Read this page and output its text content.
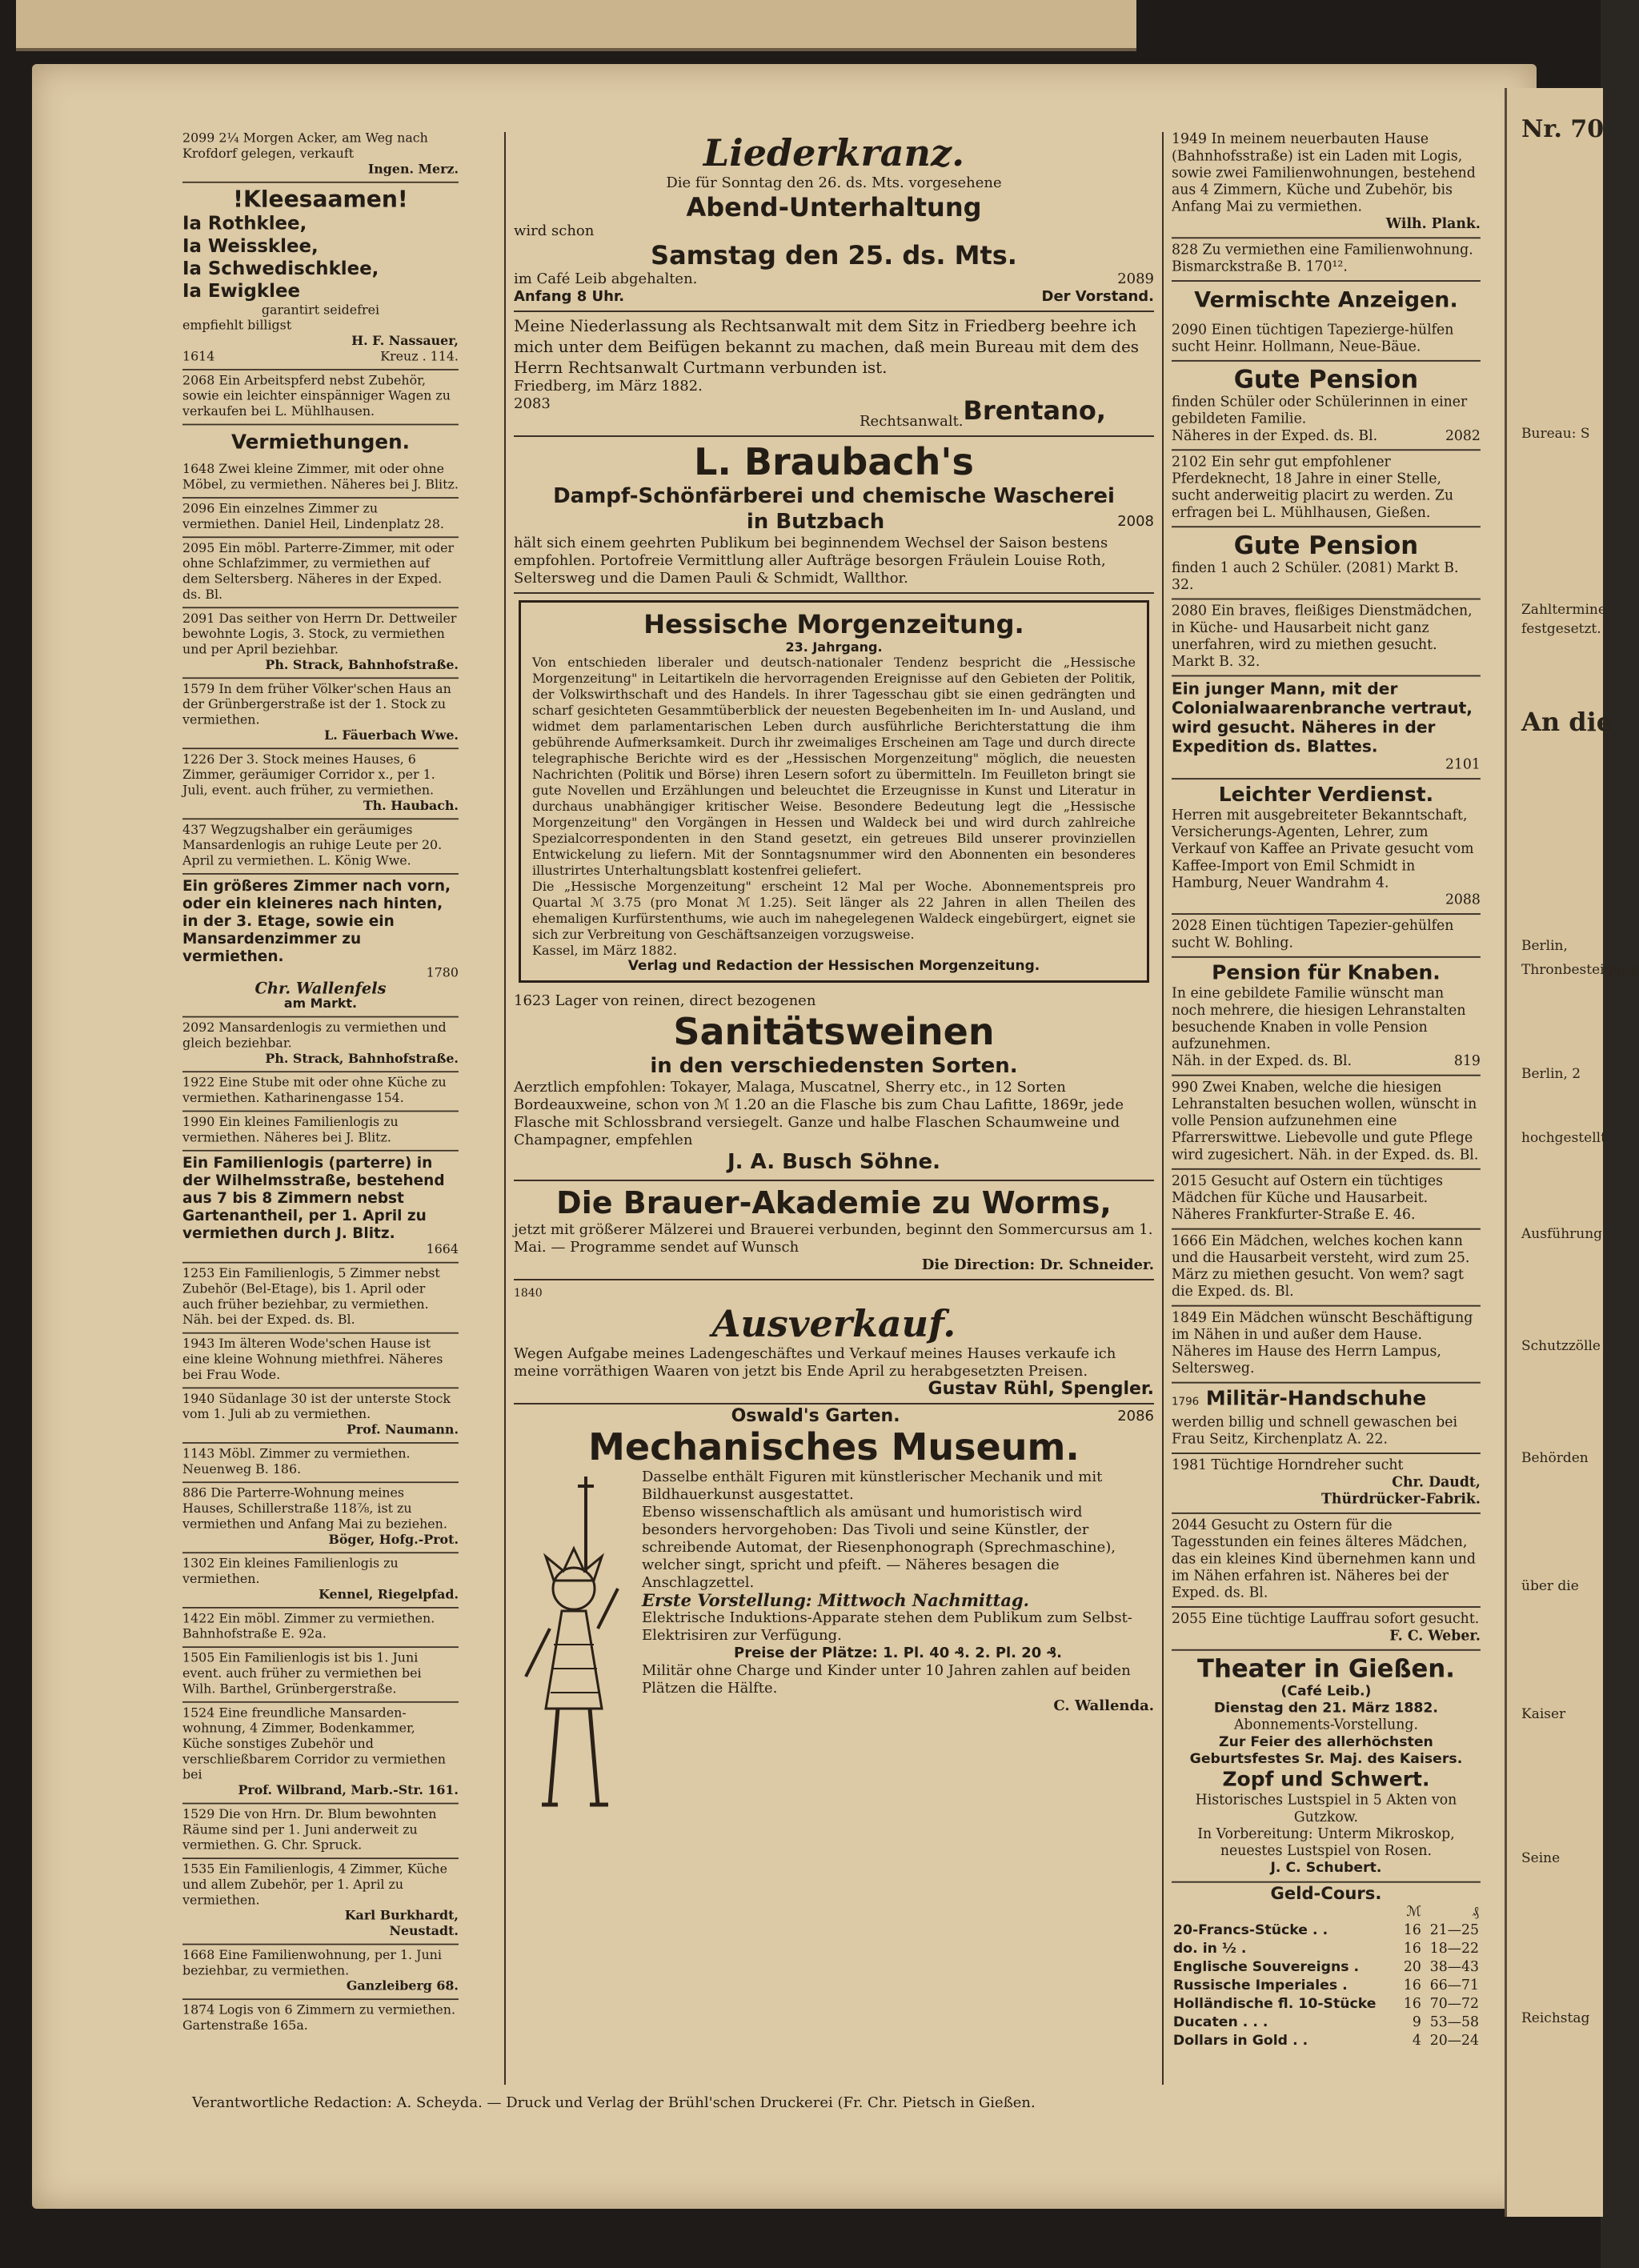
Nr. 70
Bureau: S
Zahltermine
festgesetzt.
An die
Berlin,
Thronbesteigung
Berlin, 2
hochgestellt
Ausführung
Schutzzölle
Behörden
über die
Kaiser
Seine
Reichstag
2099 2¼ Morgen Acker, am Weg nach Krofdorf gelegen, verkauft
Ingen. Merz.
!Kleesaamen!
Ia Rothklee,
Ia Weissklee,
Ia Schwedischklee,
Ia Ewigklee
garantirt seidefrei
empfiehlt billigst
H. F. Nassauer,
1614	Kreuz . 114.
2068 Ein Arbeitspferd nebst Zubehör, sowie ein leichter einspänniger Wagen zu verkaufen bei L. Mühlhausen.
Vermiethungen.
1648 Zwei kleine Zimmer, mit oder ohne Möbel, zu vermiethen. Näheres bei J. Blitz.
2096 Ein einzelnes Zimmer zu vermiethen. Daniel Heil, Lindenplatz 28.
2095 Ein möbl. Parterre-Zimmer, mit oder ohne Schlafzimmer, zu vermiethen auf dem Seltersberg. Näheres in der Exped. ds. Bl.
2091 Das seither von Herrn Dr. Dettweiler bewohnte Logis, 3. Stock, zu vermiethen und per April beziehbar.
Ph. Strack, Bahnhofstraße.
1579 In dem früher Völker'schen Haus an der Grünbergerstraße ist der 1. Stock zu vermiethen.
L. Fäuerbach Wwe.
1226 Der 3. Stock meines Hauses, 6 Zimmer, geräumiger Corridor x., per 1. Juli, event. auch früher, zu vermiethen.
Th. Haubach.
437 Wegzugshalber ein geräumiges Mansardenlogis an ruhige Leute per 20. April zu vermiethen. L. König Wwe.
Ein größeres Zimmer nach vorn, oder ein kleineres nach hinten, in der 3. Etage, sowie ein Mansardenzimmer zu vermiethen.
1780
Chr. Wallenfels
am Markt.
2092 Mansardenlogis zu vermiethen und gleich beziehbar.
Ph. Strack, Bahnhofstraße.
1922 Eine Stube mit oder ohne Küche zu vermiethen. Katharinengasse 154.
1990 Ein kleines Familienlogis zu vermiethen. Näheres bei J. Blitz.
Ein Familienlogis (parterre) in der Wilhelmsstraße, bestehend aus 7 bis 8 Zimmern nebst Gartenantheil, per 1. April zu vermiethen durch J. Blitz.
1664
1253 Ein Familienlogis, 5 Zimmer nebst Zubehör (Bel-Etage), bis 1. April oder auch früher beziehbar, zu vermiethen. Näh. bei der Exped. ds. Bl.
1943 Im älteren Wode'schen Hause ist eine kleine Wohnung miethfrei. Näheres bei Frau Wode.
1940 Südanlage 30 ist der unterste Stock vom 1. Juli ab zu vermiethen.
Prof. Naumann.
1143 Möbl. Zimmer zu vermiethen. Neuenweg B. 186.
886 Die Parterre-Wohnung meines Hauses, Schillerstraße 118⅞, ist zu vermiethen und Anfang Mai zu beziehen.
Böger, Hofg.-Prot.
1302 Ein kleines Familienlogis zu vermiethen.
Kennel, Riegelpfad.
1422 Ein möbl. Zimmer zu vermiethen. Bahnhofstraße E. 92a.
1505 Ein Familienlogis ist bis 1. Juni event. auch früher zu vermiethen bei Wilh. Barthel, Grünbergerstraße.
1524 Eine freundliche Mansarden-wohnung, 4 Zimmer, Bodenkammer, Küche sonstiges Zubehör und verschließbarem Corridor zu vermiethen bei
Prof. Wilbrand, Marb.-Str. 161.
1529 Die von Hrn. Dr. Blum bewohnten Räume sind per 1. Juni anderweit zu vermiethen. G. Chr. Spruck.
1535 Ein Familienlogis, 4 Zimmer, Küche und allem Zubehör, per 1. April zu vermiethen.
Karl Burkhardt,
Neustadt.
1668 Eine Familienwohnung, per 1. Juni beziehbar, zu vermiethen.
Ganzleiberg 68.
1874 Logis von 6 Zimmern zu vermiethen. Gartenstraße 165a.
Liederkranz.
Die für Sonntag den 26. ds. Mts. vorgesehene
Abend-Unterhaltung
wird schon
Samstag den 25. ds. Mts.
im Café Leib abgehalten.	2089
Anfang 8 Uhr.	Der Vorstand.
Meine Niederlassung als Rechtsanwalt mit dem Sitz in Friedberg beehre ich mich unter dem Beifügen bekannt zu machen, daß mein Bureau mit dem des Herrn Rechtsanwalt Curtmann verbunden ist.
Friedberg, im März 1882.
2083	Brentano,
Rechtsanwalt.
L. Braubach's
Dampf-Schönfärberei und chemische Wascherei
in Butzbach	2008
hält sich einem geehrten Publikum bei beginnendem Wechsel der Saison bestens empfohlen. Portofreie Vermittlung aller Aufträge besorgen Fräulein Louise Roth, Seltersweg und die Damen Pauli & Schmidt, Wallthor.
Hessische Morgenzeitung.
23. Jahrgang.
Von entschieden liberaler und deutsch-nationaler Tendenz bespricht die „Hessische Morgenzeitung" in Leitartikeln die hervorragenden Ereignisse auf den Gebieten der Politik, der Volkswirthschaft und des Handels. In ihrer Tagesschau gibt sie einen gedrängten und scharf gesichteten Gesammtüberblick der neuesten Begebenheiten im In- und Ausland, und widmet dem parlamentarischen Leben durch ausführliche Berichterstattung die ihm gebührende Aufmerksamkeit. Durch ihr zweimaliges Erscheinen am Tage und durch directe telegraphische Berichte wird es der „Hessischen Morgenzeitung" möglich, die neuesten Nachrichten (Politik und Börse) ihren Lesern sofort zu übermitteln. Im Feuilleton bringt sie gute Novellen und Erzählungen und beleuchtet die Erzeugnisse in Kunst und Literatur in durchaus unabhängiger kritischer Weise. Besondere Bedeutung legt die „Hessische Morgenzeitung" den Vorgängen in Hessen und Waldeck bei und wird durch zahlreiche Spezialcorrespondenten in den Stand gesetzt, ein getreues Bild unserer provinziellen Entwickelung zu liefern. Mit der Sonntagsnummer wird den Abonnenten ein besonderes illustrirtes Unterhaltungsblatt kostenfrei geliefert.
Die „Hessische Morgenzeitung" erscheint 12 Mal per Woche. Abonnementspreis pro Quartal ℳ 3.75 (pro Monat ℳ 1.25). Seit länger als 22 Jahren in allen Theilen des ehemaligen Kurfürstenthums, wie auch im nahegelegenen Waldeck eingebürgert, eignet sie sich zur Verbreitung von Geschäftsanzeigen vorzugsweise.
Kassel, im März 1882.
Verlag und Redaction der Hessischen Morgenzeitung.
1623 Lager von reinen, direct bezogenen
Sanitätsweinen
in den verschiedensten Sorten.
Aerztlich empfohlen: Tokayer, Malaga, Muscatnel, Sherry etc., in 12 Sorten Bordeauxweine, schon von ℳ 1.20 an die Flasche bis zum Chau Lafitte, 1869r, jede Flasche mit Schlossbrand versiegelt. Ganze und halbe Flaschen Schaumweine und Champagner, empfehlen
J. A. Busch Söhne.
Die Brauer-Akademie zu Worms,
jetzt mit größerer Mälzerei und Brauerei verbunden, beginnt den Sommercursus am 1. Mai. — Programme sendet auf Wunsch
Die Direction: Dr. Schneider.
1840
Ausverkauf.
Wegen Aufgabe meines Ladengeschäftes und Verkauf meines Hauses verkaufe ich meine vorräthigen Waaren von jetzt bis Ende April zu herabgesetzten Preisen.
Gustav Rühl, Spengler.
Oswald's Garten.	2086
Mechanisches Museum.
Dasselbe enthält Figuren mit künstlerischer Mechanik und mit Bildhauerkunst ausgestattet.
Ebenso wissenschaftlich als amüsant und humoristisch wird besonders hervorgehoben: Das Tivoli und seine Künstler, der schreibende Automat, der Riesenphonograph (Sprechmaschine), welcher singt, spricht und pfeift. — Näheres besagen die Anschlagzettel.
Erste Vorstellung: Mittwoch Nachmittag.
Elektrische Induktions-Apparate stehen dem Publikum zum Selbst-Elektrisiren zur Verfügung.
Preise der Plätze: 1. Pl. 40 ₰. 2. Pl. 20 ₰.
Militär ohne Charge und Kinder unter 10 Jahren zahlen auf beiden Plätzen die Hälfte.
C. Wallenda.
1949 In meinem neuerbauten Hause (Bahnhofsstraße) ist ein Laden mit Logis, sowie zwei Familienwohnungen, bestehend aus 4 Zimmern, Küche und Zubehör, bis Anfang Mai zu vermiethen.
Wilh. Plank.
828 Zu vermiethen eine Familienwohnung. Bismarckstraße B. 170¹².
Vermischte Anzeigen.
2090 Einen tüchtigen Tapezierge-hülfen sucht Heinr. Hollmann, Neue-Bäue.
Gute Pension
finden Schüler oder Schülerinnen in einer gebildeten Familie.
Näheres in der Exped. ds. Bl.	2082
2102 Ein sehr gut empfohlener Pferdeknecht, 18 Jahre in einer Stelle, sucht anderweitig placirt zu werden. Zu erfragen bei L. Mühlhausen, Gießen.
Gute Pension
finden 1 auch 2 Schüler. (2081) Markt B. 32.
2080 Ein braves, fleißiges Dienstmädchen, in Küche- und Hausarbeit nicht ganz unerfahren, wird zu miethen gesucht. Markt B. 32.
Ein junger Mann, mit der Colonialwaarenbranche vertraut, wird gesucht. Näheres in der Expedition ds. Blattes.
2101
Leichter Verdienst.
Herren mit ausgebreiteter Bekanntschaft, Versicherungs-Agenten, Lehrer, zum Verkauf von Kaffee an Private gesucht vom Kaffee-Import von Emil Schmidt in Hamburg, Neuer Wandrahm 4.
2088
2028 Einen tüchtigen Tapezier-gehülfen sucht W. Bohling.
Pension für Knaben.
In eine gebildete Familie wünscht man noch mehrere, die hiesigen Lehranstalten besuchende Knaben in volle Pension aufzunehmen.
Näh. in der Exped. ds. Bl.	819
990 Zwei Knaben, welche die hiesigen Lehranstalten besuchen wollen, wünscht in volle Pension aufzunehmen eine Pfarrerswittwe. Liebevolle und gute Pflege wird zugesichert. Näh. in der Exped. ds. Bl.
2015 Gesucht auf Ostern ein tüchtiges Mädchen für Küche und Hausarbeit. Näheres Frankfurter-Straße E. 46.
1666 Ein Mädchen, welches kochen kann und die Hausarbeit versteht, wird zum 25. März zu miethen gesucht. Von wem? sagt die Exped. ds. Bl.
1849 Ein Mädchen wünscht Beschäftigung im Nähen in und außer dem Hause. Näheres im Hause des Herrn Lampus, Seltersweg.
1796 Militär-Handschuhe
werden billig und schnell gewaschen bei Frau Seitz, Kirchenplatz A. 22.
1981 Tüchtige Horndreher sucht
Chr. Daudt,
Thürdrücker-Fabrik.
2044 Gesucht zu Ostern für die Tagesstunden ein feines älteres Mädchen, das ein kleines Kind übernehmen kann und im Nähen erfahren ist. Näheres bei der Exped. ds. Bl.
2055 Eine tüchtige Lauffrau sofort gesucht.
F. C. Weber.
Theater in Gießen.
(Café Leib.)
Dienstag den 21. März 1882.
Abonnements-Vorstellung.
Zur Feier des allerhöchsten Geburtsfestes Sr. Maj. des Kaisers.
Zopf und Schwert.
Historisches Lustspiel in 5 Akten von Gutzkow.
In Vorbereitung: Unterm Mikroskop, neuestes Lustspiel von Rosen.
J. C. Schubert.
Geld-Cours.
	ℳ	₰
20-Francs-Stücke . .	16	21—25
do. in ½ .	16	18—22
Englische Souvereigns .	20	38—43
Russische Imperiales .	16	66—71
Holländische fl. 10-Stücke	16	70—72
Ducaten . . .	9	53—58
Dollars in Gold . .	4	20—24
Verantwortliche Redaction: A. Scheyda. — Druck und Verlag der Brühl'schen Druckerei (Fr. Chr. Pietsch in Gießen.
